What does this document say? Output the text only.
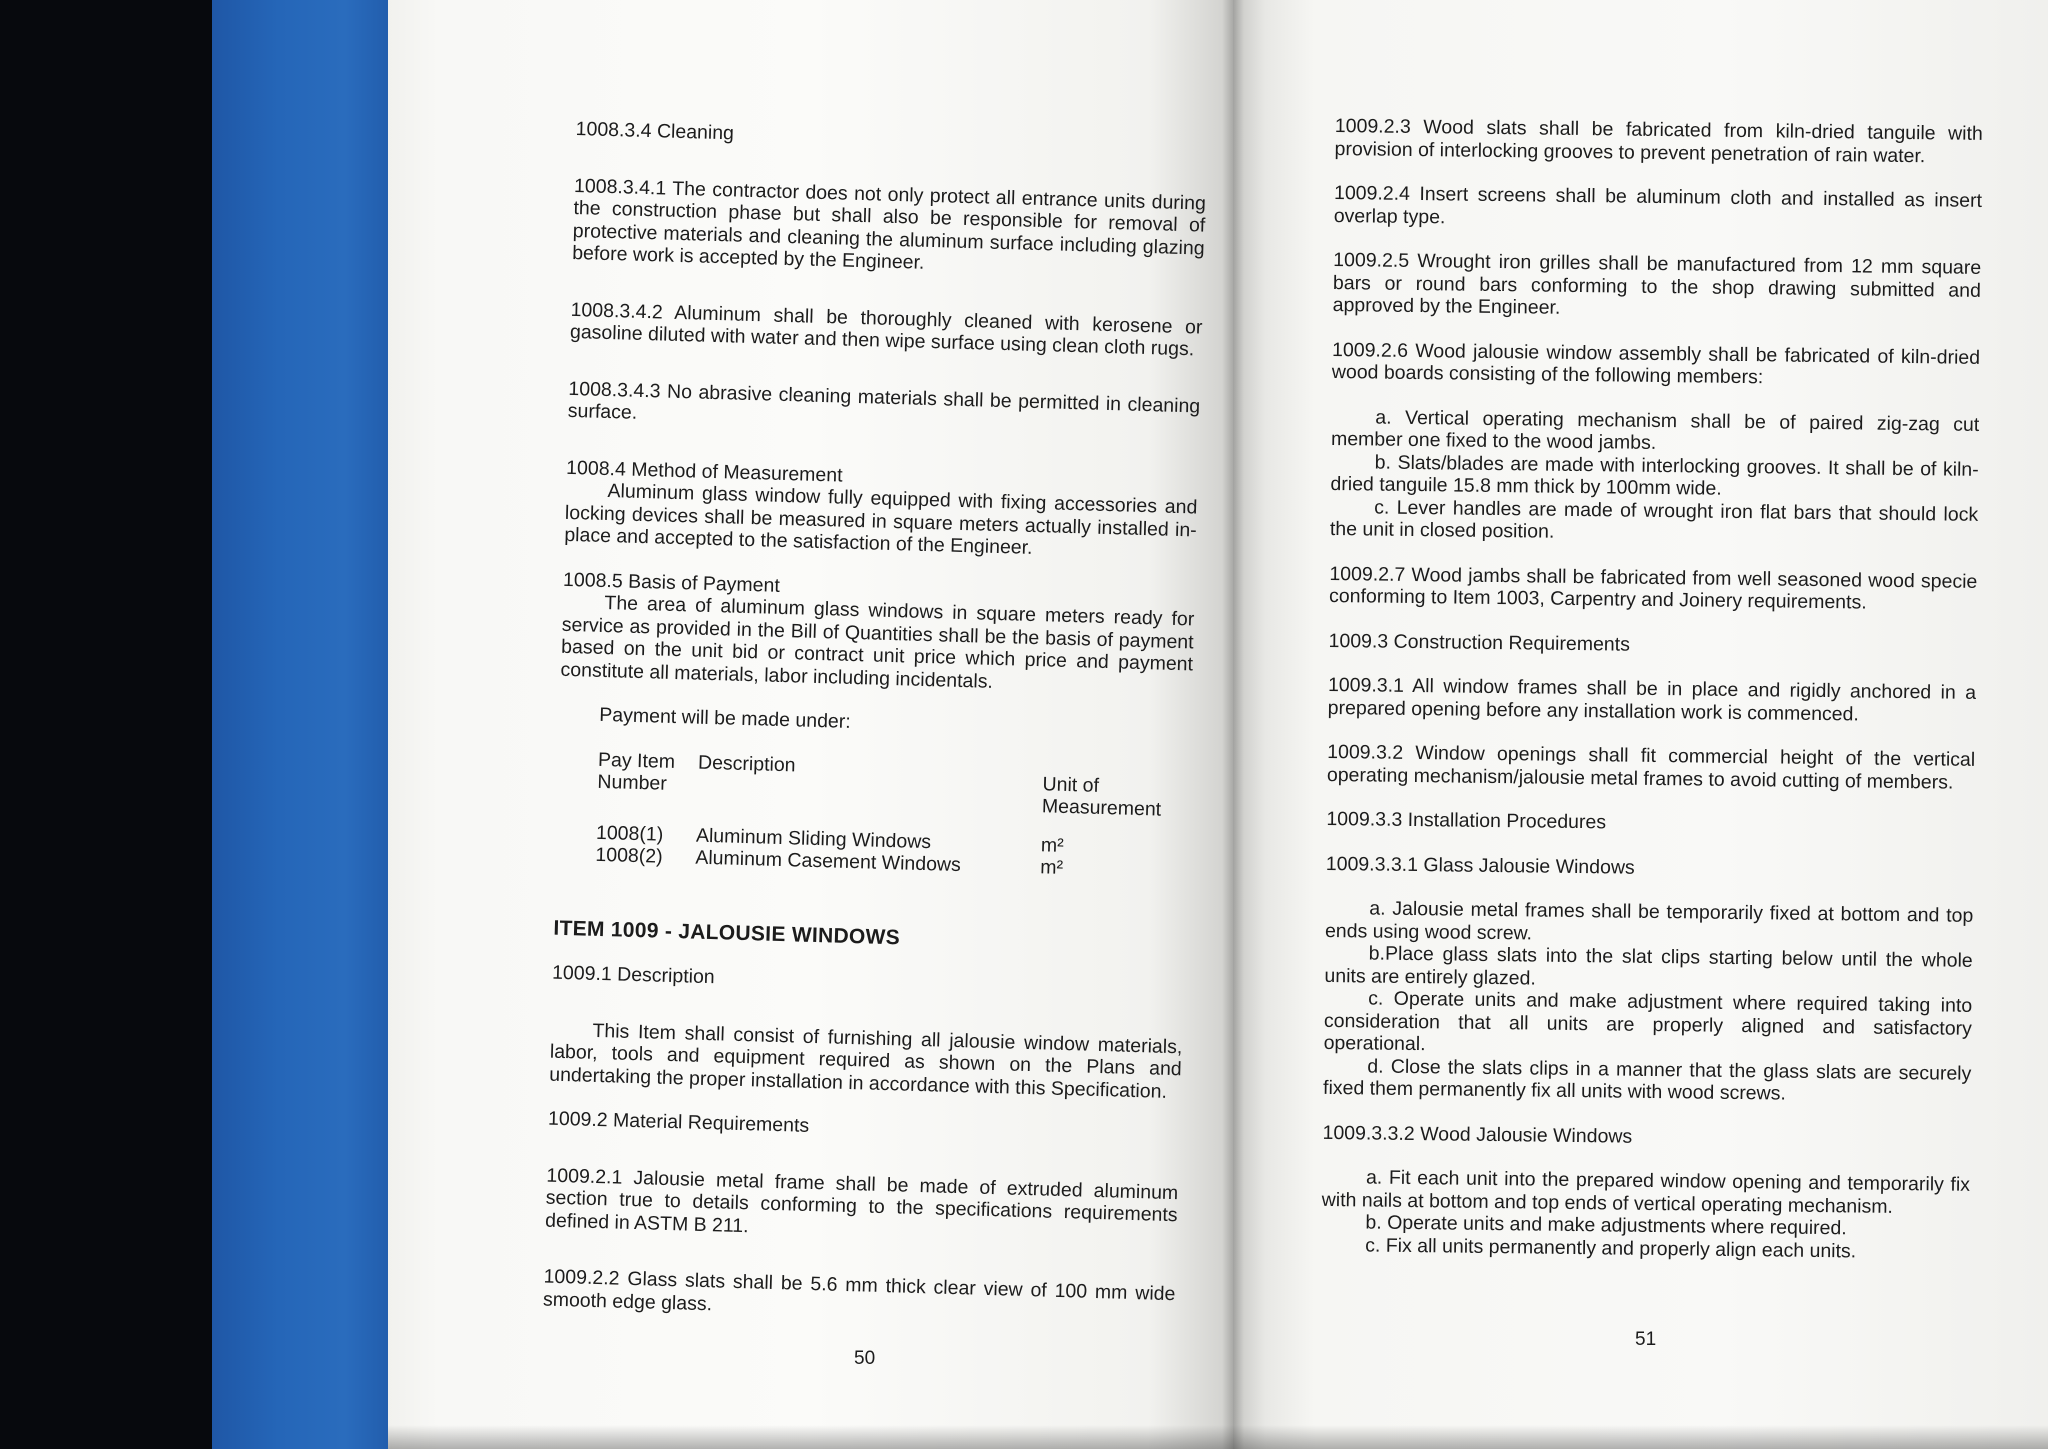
1008.3.4 Cleaning

1008.3.4.1 The contractor does not only protect all entrance units during the construction phase but shall also be responsible for removal of protective materials and cleaning the aluminum surface including glazing before work is accepted by the Engineer.

1008.3.4.2 Aluminum shall be thoroughly cleaned with kerosene or gasoline diluted with water and then wipe surface using clean cloth rugs.

1008.3.4.3 No abrasive cleaning materials shall be permitted in cleaning surface.

1008.4 Method of Measurement

Aluminum glass window fully equipped with fixing accessories and locking devices shall be measured in square meters actually installed in-place and accepted to the satisfaction of the Engineer.

1008.5 Basis of Payment

The area of aluminum glass windows in square meters ready for service as provided in the Bill of Quantities shall be the basis of payment based on the unit bid or contract unit price which price and payment constitute all materials, labor including incidentals.

Payment will be made under:

Pay Item
Number	Description	Unit of
Measurement

1008(1)	Aluminum Sliding Windows	m²
1008(2)	Aluminum Casement Windows	m²

ITEM 1009 - JALOUSIE WINDOWS

1009.1 Description

This Item shall consist of furnishing all jalousie window materials, labor, tools and equipment required as shown on the Plans and undertaking the proper installation in accordance with this Specification.

1009.2 Material Requirements

1009.2.1 Jalousie metal frame shall be made of extruded aluminum section true to details conforming to the specifications requirements defined in ASTM B 211.

1009.2.2 Glass slats shall be 5.6 mm thick clear view of 100 mm wide smooth edge glass.

50

1009.2.3 Wood slats shall be fabricated from kiln-dried tanguile with provision of interlocking grooves to prevent penetration of rain water.

1009.2.4 Insert screens shall be aluminum cloth and installed as insert overlap type.

1009.2.5 Wrought iron grilles shall be manufactured from 12 mm square bars or round bars conforming to the shop drawing submitted and approved by the Engineer.

1009.2.6 Wood jalousie window assembly shall be fabricated of kiln-dried wood boards consisting of the following members:

a. Vertical operating mechanism shall be of paired zig-zag cut member one fixed to the wood jambs.

b. Slats/blades are made with interlocking grooves. It shall be of kiln-dried tanguile 15.8 mm thick by 100mm wide.

c. Lever handles are made of wrought iron flat bars that should lock the unit in closed position.

1009.2.7 Wood jambs shall be fabricated from well seasoned wood specie conforming to Item 1003, Carpentry and Joinery requirements.

1009.3 Construction Requirements

1009.3.1 All window frames shall be in place and rigidly anchored in a prepared opening before any installation work is commenced.

1009.3.2 Window openings shall fit commercial height of the vertical operating mechanism/jalousie metal frames to avoid cutting of members.

1009.3.3 Installation Procedures

1009.3.3.1 Glass Jalousie Windows

a. Jalousie metal frames shall be temporarily fixed at bottom and top ends using wood screw.

b.Place glass slats into the slat clips starting below until the whole units are entirely glazed.

c. Operate units and make adjustment where required taking into consideration that all units are properly aligned and satisfactory operational.

d. Close the slats clips in a manner that the glass slats are securely fixed them permanently fix all units with wood screws.

1009.3.3.2 Wood Jalousie Windows

a. Fit each unit into the prepared window opening and temporarily fix with nails at bottom and top ends of vertical operating mechanism.

b. Operate units and make adjustments where required.

c. Fix all units permanently and properly align each units.

51
